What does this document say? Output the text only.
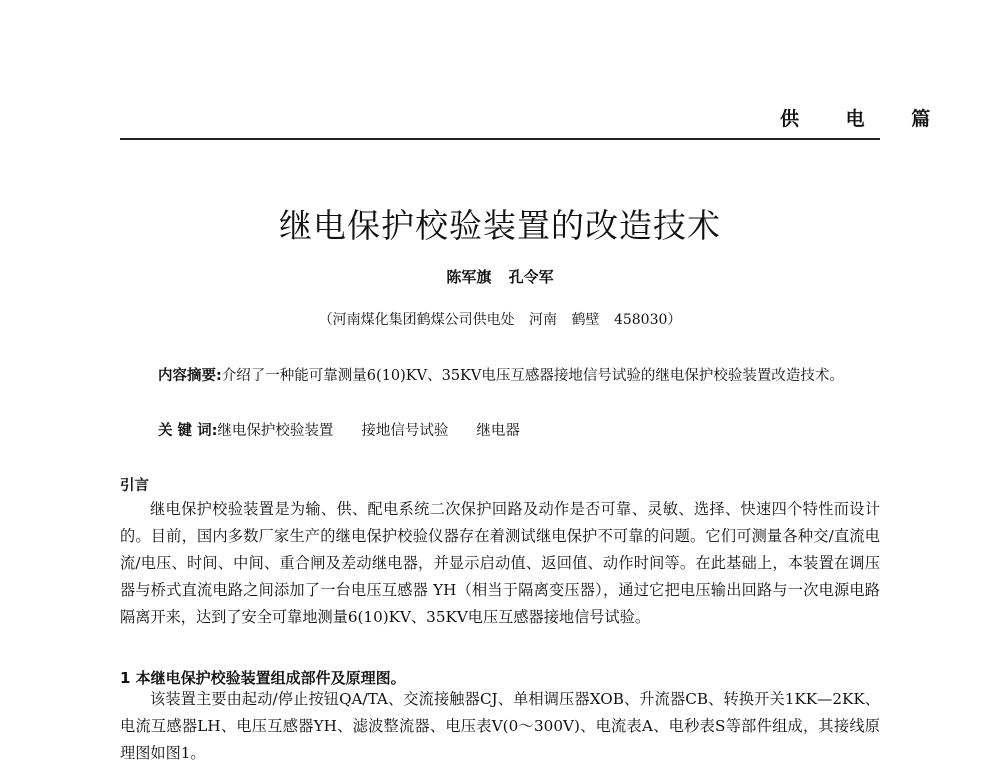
供 电 篇
继电保护校验装置的改造技术
陈军旗 孔令军
（河南煤化集团鹤煤公司供电处 河南 鹤壁 458030）
内容摘要:介绍了一种能可靠测量6(10)KV、35KV电压互感器接地信号试验的继电保护校验装置改造技术。
关 键 词:继电保护校验装置 接地信号试验 继电器
引言

继电保护校验装置是为输、供、配电系统二次保护回路及动作是否可靠、灵敏、选择、快速四个特性而设计的。目前，国内多数厂家生产的继电保护校验仪器存在着测试继电保护不可靠的问题。它们可测量各种交/直流电流/电压、时间、中间、重合闸及差动继电器，并显示启动值、返回值、动作时间等。在此基础上，本装置在调压器与桥式直流电路之间添加了一台电压互感器 YH（相当于隔离变压器），通过它把电压输出回路与一次电源电路隔离开来，达到了安全可靠地测量6(10)KV、35KV电压互感器接地信号试验。

1 本继电保护校验装置组成部件及原理图。

该装置主要由起动/停止按钮QA/TA、交流接触器CJ、单相调压器XOB、升流器CB、转换开关1KK—2KK、电流互感器LH、电压互感器YH、滤波整流器、电压表V(0～300V)、电流表A、电秒表S等部件组成，其接线原理图如图1。
